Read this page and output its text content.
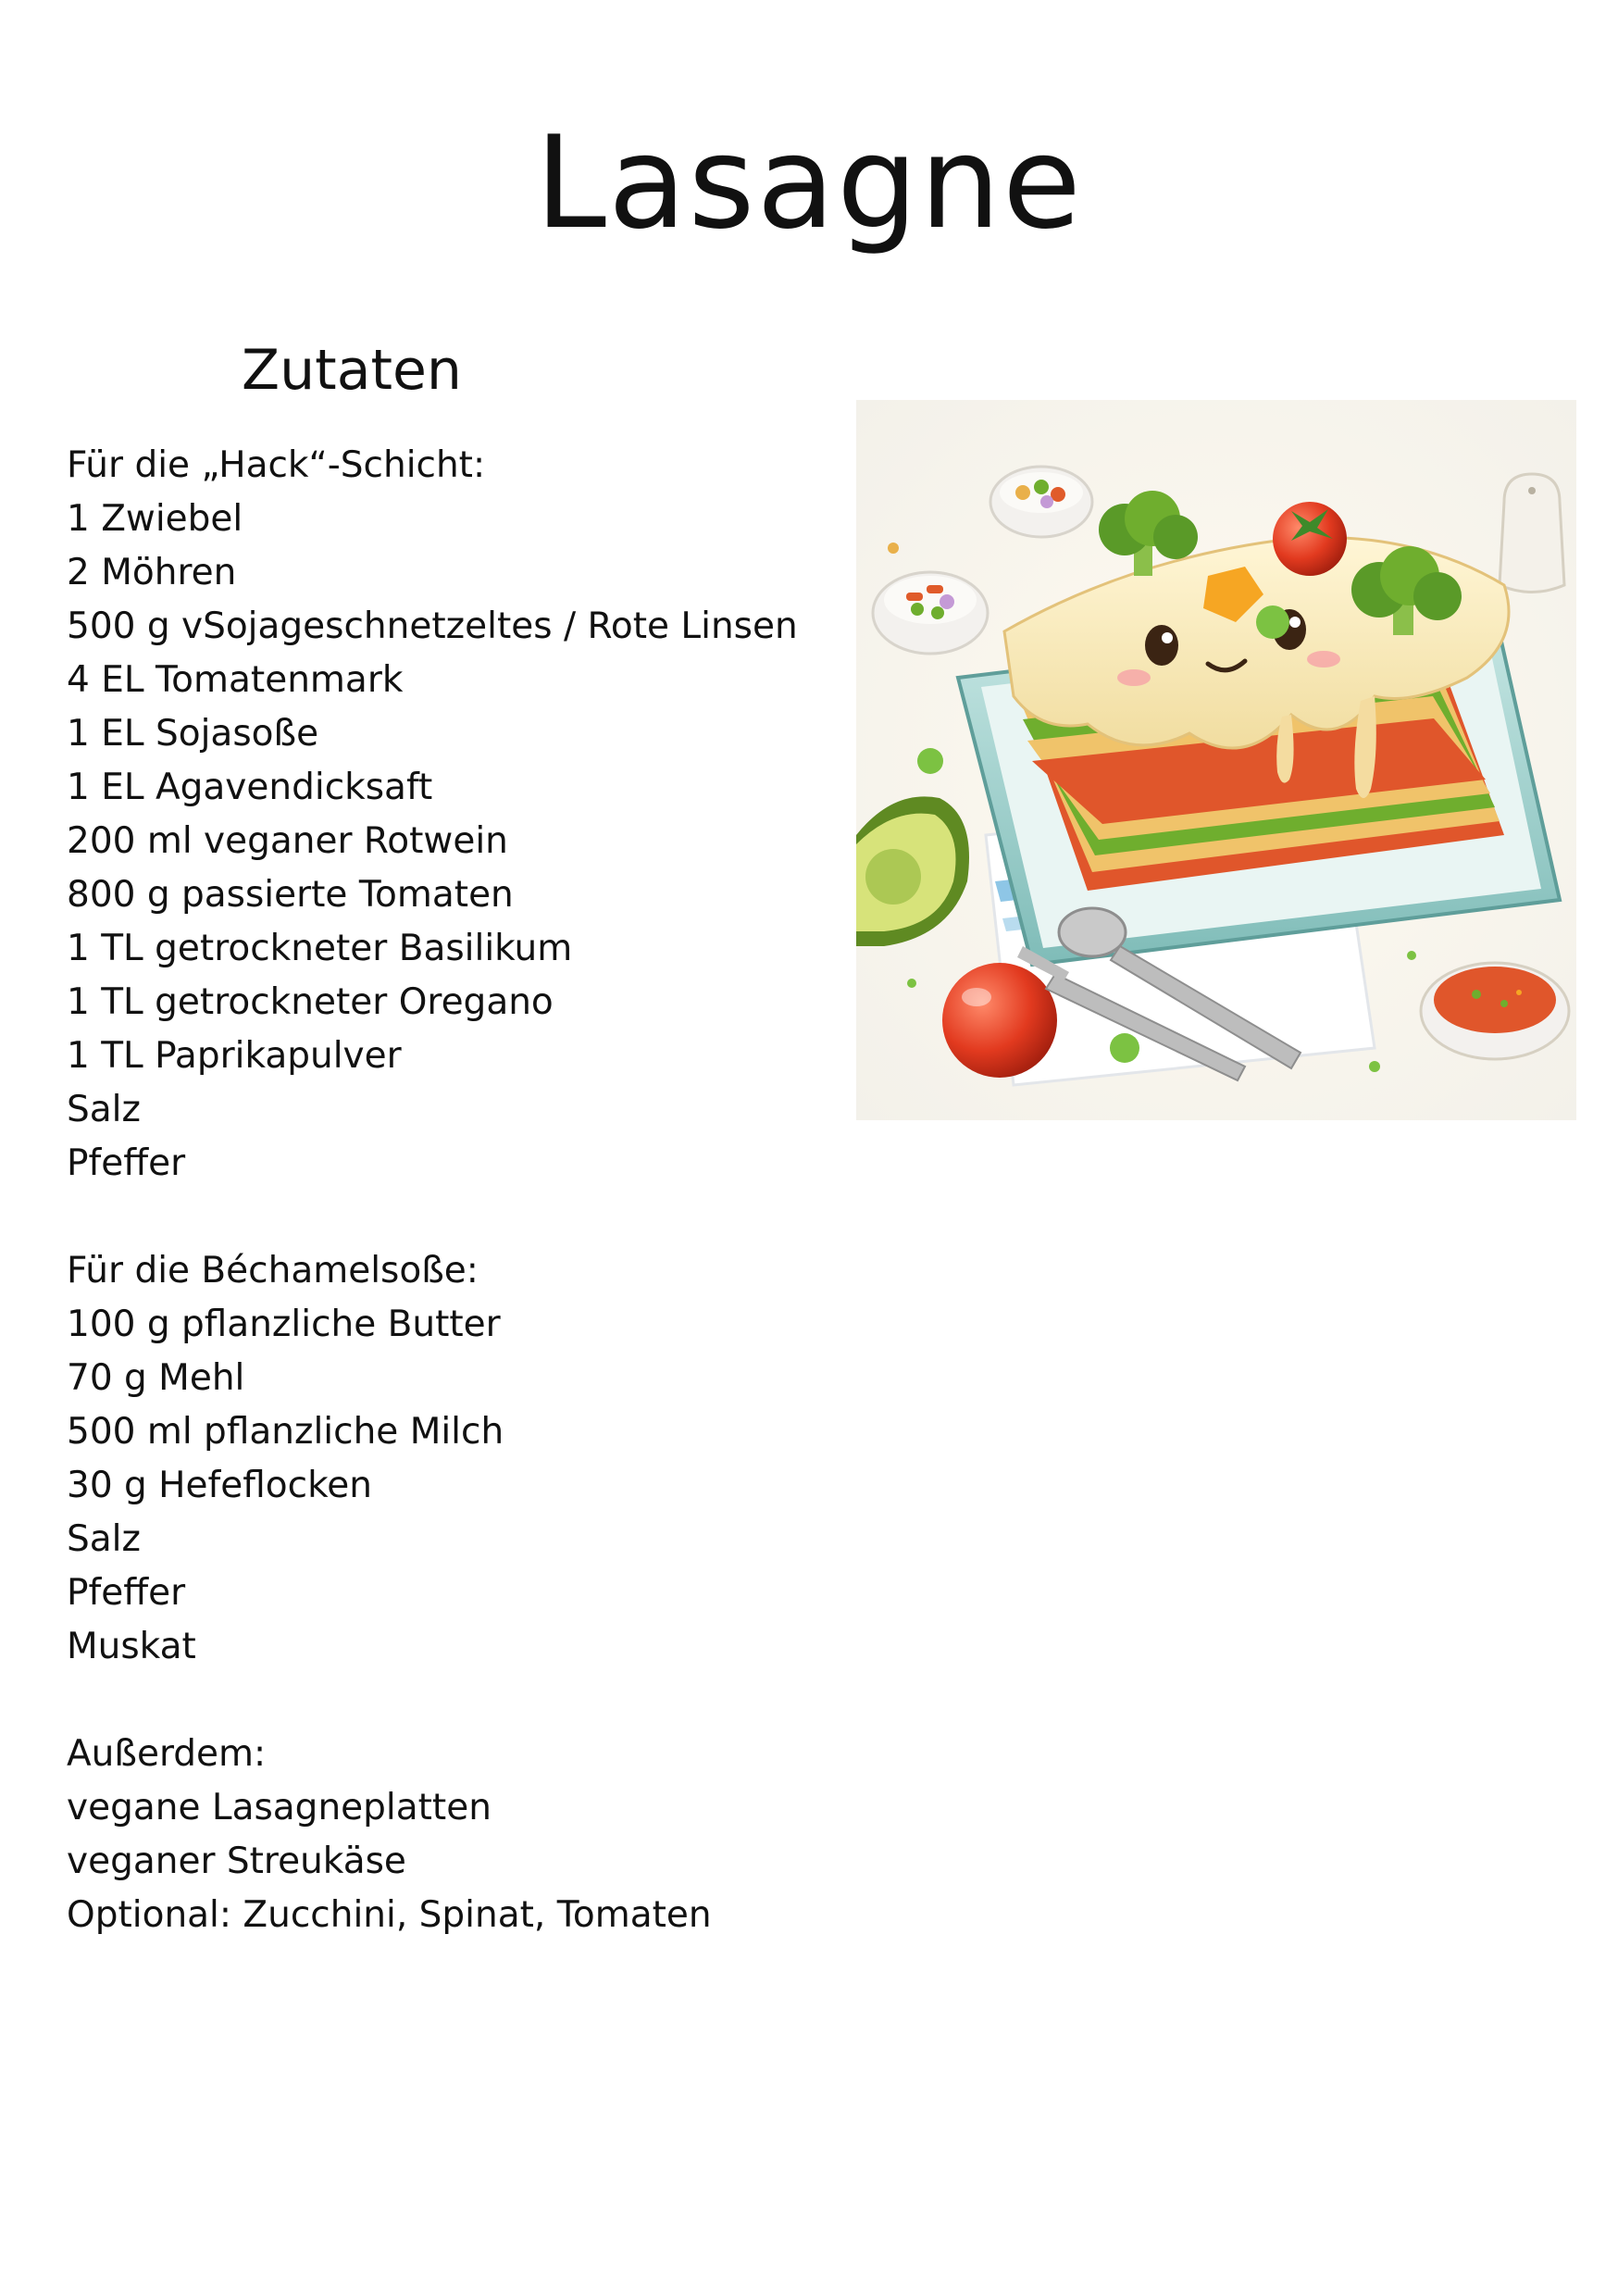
Lasagne
Zutaten
Für die „Hack“-Schicht:
1 Zwiebel
2 Möhren
500 g vSojageschnetzeltes / Rote Linsen
4 EL Tomatenmark
1 EL Sojasoße
1 EL Agavendicksaft
200 ml veganer Rotwein
800 g passierte Tomaten
1 TL getrockneter Basilikum
1 TL getrockneter Oregano
1 TL Paprikapulver
Salz
Pfeffer
Für die Béchamelsoße:
100 g pflanzliche Butter
70 g Mehl
500 ml pflanzliche Milch
30 g Hefeflocken
Salz
Pfeffer
Muskat
Außerdem:
vegane Lasagneplatten
veganer Streukäse
Optional: Zucchini, Spinat, Tomaten
